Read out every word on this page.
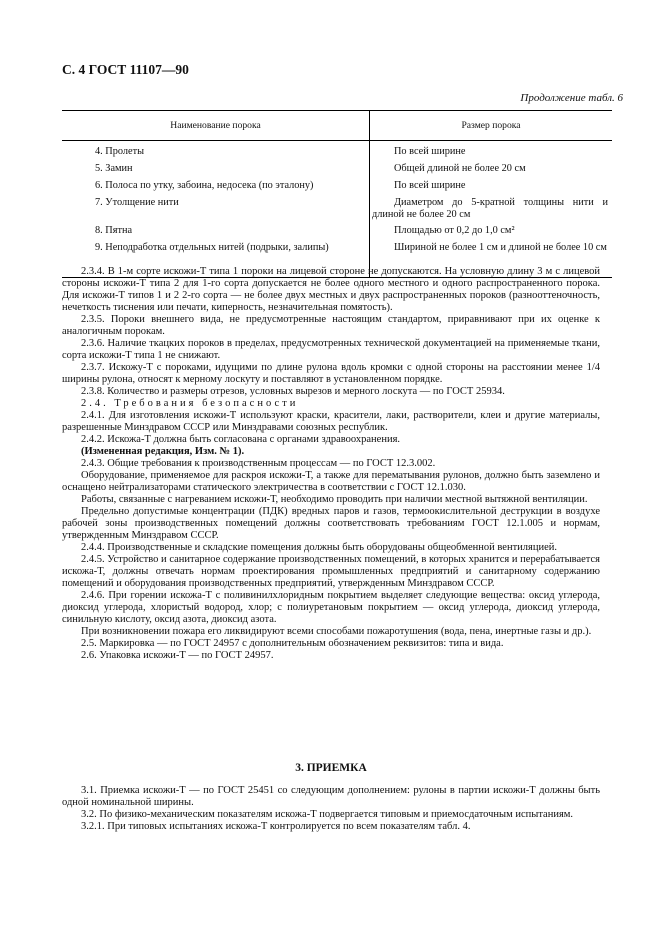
С. 4 ГОСТ 11107—90
Продолжение табл. 6
Наименование порока	Размер порока
4. Пролеты	По всей ширине
5. Замин	Общей длиной не более 20 см
6. Полоса по утку, забоина, недосека (по эталону)	По всей ширине
7. Утолщение нити	Диаметром до 5-кратной толщины нити и длиной не более 20 см
8. Пятна	Площадью от 0,2 до 1,0 см²
9. Неподработка отдельных нитей (подрыки, залипы)	Шириной не более 1 см и длиной не более 10 см

2.3.4. В 1-м сорте искожи-Т типа 1 пороки на лицевой стороне не допускаются. На условную длину 3 м с лицевой стороны искожи-Т типа 2 для 1-го сорта допускается не более одного местного и одного распространенного порока. Для искожи-Т типов 1 и 2 2-го сорта — не более двух местных и двух распространенных пороков (разнооттеночность, нечеткость тиснения или печати, киперность, незначительная помятость).

2.3.5. Пороки внешнего вида, не предусмотренные настоящим стандартом, приравнивают при их оценке к аналогичным порокам.

2.3.6. Наличие ткацких пороков в пределах, предусмотренных технической документацией на применяемые ткани, сорта искожи-Т типа 1 не снижают.

2.3.7. Искожу-Т с пороками, идущими по длине рулона вдоль кромки с одной стороны на расстоянии менее 1/4 ширины рулона, относят к мерному лоскуту и поставляют в установленном порядке.

2.3.8. Количество и размеры отрезов, условных вырезов и мерного лоскута — по ГОСТ 25934.

2.4. Требования безопасности

2.4.1. Для изготовления искожи-Т используют краски, красители, лаки, растворители, клеи и другие материалы, разрешенные Минздравом СССР или Минздравами союзных республик.

2.4.2. Искожа-Т должна быть согласована с органами здравоохранения.

(Измененная редакция, Изм. № 1).

2.4.3. Общие требования к производственным процессам — по ГОСТ 12.3.002.

Оборудование, применяемое для раскроя искожи-Т, а также для перематывания рулонов, должно быть заземлено и оснащено нейтрализаторами статического электричества в соответствии с ГОСТ 12.1.030.

Работы, связанные с нагреванием искожи-Т, необходимо проводить при наличии местной вытяжной вентиляции.

Предельно допустимые концентрации (ПДК) вредных паров и газов, термоокислительной деструкции в воздухе рабочей зоны производственных помещений должны соответствовать требованиям ГОСТ 12.1.005 и нормам, утвержденным Минздравом СССР.

2.4.4. Производственные и складские помещения должны быть оборудованы общеобменной вентиляцией.

2.4.5. Устройство и санитарное содержание производственных помещений, в которых хранится и перерабатывается искожа-Т, должны отвечать нормам проектирования промышленных предприятий и санитарному содержанию помещений и оборудования производственных предприятий, утвержденным Минздравом СССР.

2.4.6. При горении искожа-Т с поливинилхлоридным покрытием выделяет следующие вещества: оксид углерода, диоксид углерода, хлористый водород, хлор; с полиуретановым покрытием — оксид углерода, диоксид углерода, синильную кислоту, оксид азота, диоксид азота.

При возникновении пожара его ликвидируют всеми способами пожаротушения (вода, пена, инертные газы и др.).

2.5. Маркировка — по ГОСТ 24957 с дополнительным обозначением реквизитов: типа и вида.

2.6. Упаковка искожи-Т — по ГОСТ 24957.

3. ПРИЕМКА

3.1. Приемка искожи-Т — по ГОСТ 25451 со следующим дополнением: рулоны в партии искожи-Т должны быть одной номинальной ширины.

3.2. По физико-механическим показателям искожа-Т подвергается типовым и приемосдаточным испытаниям.

3.2.1. При типовых испытаниях искожа-Т контролируется по всем показателям табл. 4.
